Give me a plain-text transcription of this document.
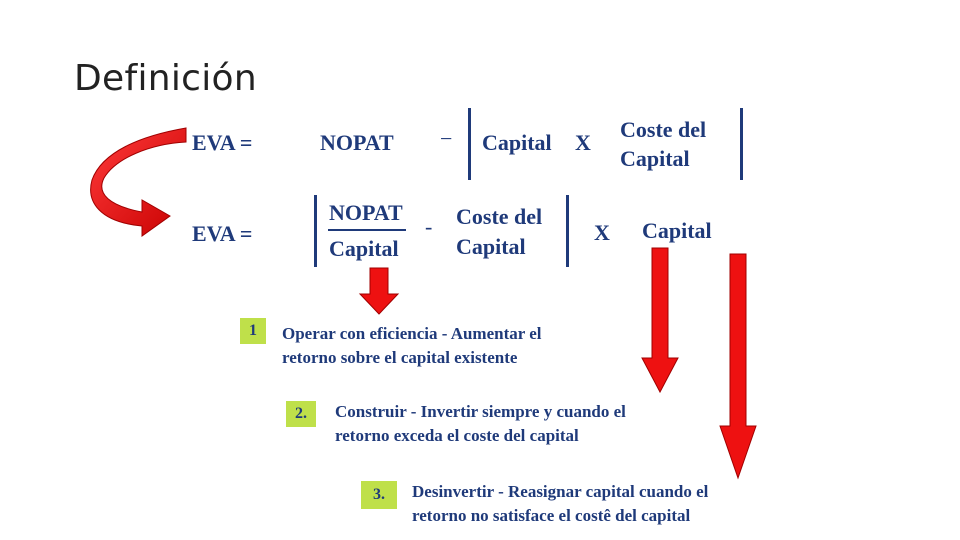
Definición
EVA =	NOPAT − Capital X
Coste del
Capital
EVA =
NOPAT
Capital
- Coste del
Capital
X Capital
1	Operar con eficiencia - Aumentar el
retorno sobre el capital existente
2.	Construir - Invertir siempre y cuando el
retorno exceda el coste del capital
3.	Desinvertir - Reasignar capital cuando el
retorno no satisface el costê del capital
